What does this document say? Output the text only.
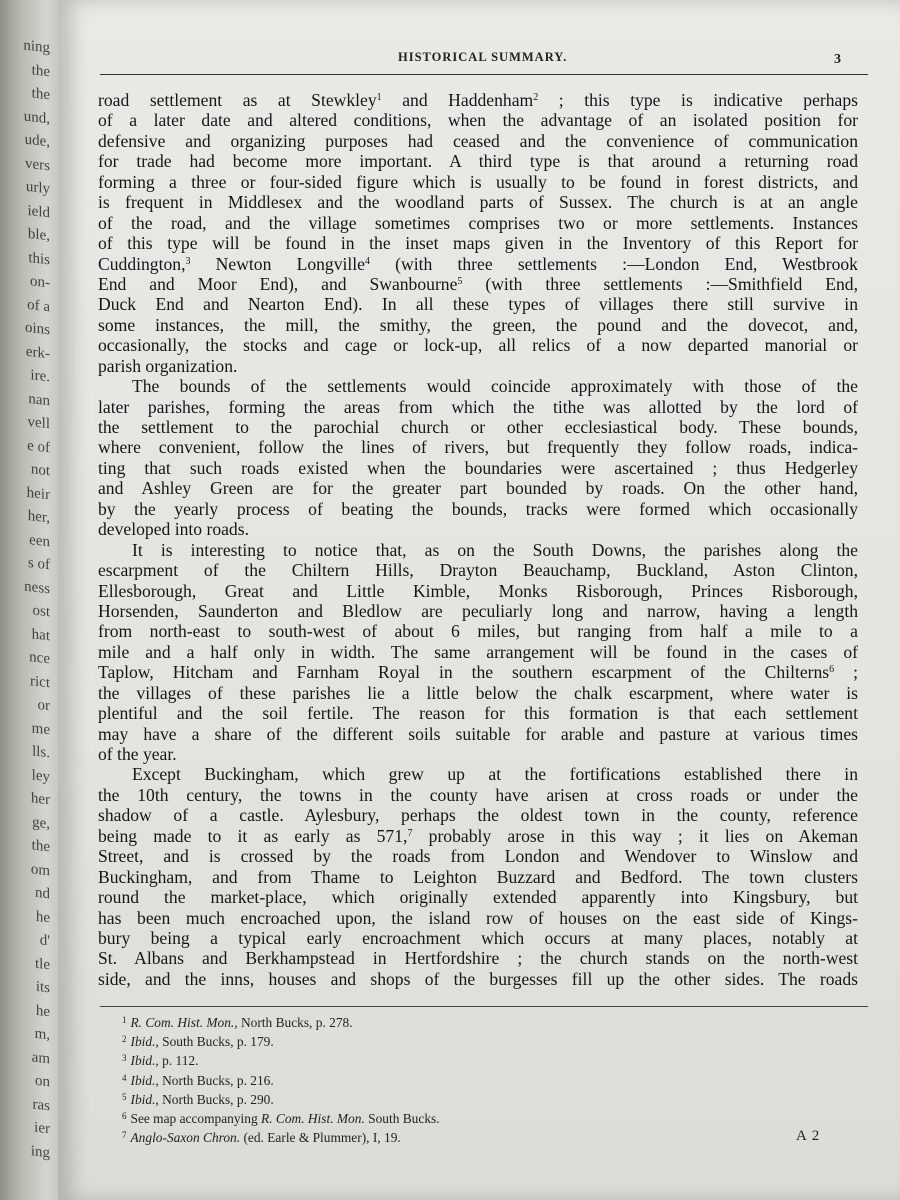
ning
the
the
und,
ude,
vers
urly
ield
ble,
this
on-
of a
oins
erk-
ire.
nan
vell
e of
not
heir
her,
een
s of
ness
ost
hat
nce
rict
or
me
lls.
ley
her
ge,
the
om
nd
he
d'
tle
its
he
m,
am
on
ras
ier
ing
HISTORICAL SUMMARY.	3
road settlement as at Stewkley$^1$ and Haddenham$^2$ ; this type is indicative perhaps
of a later date and altered conditions, when the advantage of an isolated position for
defensive and organizing purposes had ceased and the convenience of communication
for trade had become more important. A third type is that around a returning road
forming a three or four-sided figure which is usually to be found in forest districts, and
is frequent in Middlesex and the woodland parts of Sussex. The church is at an angle
of the road, and the village sometimes comprises two or more settlements. Instances
of this type will be found in the inset maps given in the Inventory of this Report for
Cuddington,$^3$ Newton Longville$^4$ (with three settlements :—London End, Westbrook
End and Moor End), and Swanbourne$^5$ (with three settlements :—Smithfield End,
Duck End and Nearton End). In all these types of villages there still survive in
some instances, the mill, the smithy, the green, the pound and the dovecot, and,
occasionally, the stocks and cage or lock-up, all relics of a now departed manorial or
parish organization.
The bounds of the settlements would coincide approximately with those of the
later parishes, forming the areas from which the tithe was allotted by the lord of
the settlement to the parochial church or other ecclesiastical body. These bounds,
where convenient, follow the lines of rivers, but frequently they follow roads, indica-
ting that such roads existed when the boundaries were ascertained ; thus Hedgerley
and Ashley Green are for the greater part bounded by roads. On the other hand,
by the yearly process of beating the bounds, tracks were formed which occasionally
developed into roads.
It is interesting to notice that, as on the South Downs, the parishes along the
escarpment of the Chiltern Hills, Drayton Beauchamp, Buckland, Aston Clinton,
Ellesborough, Great and Little Kimble, Monks Risborough, Princes Risborough,
Horsenden, Saunderton and Bledlow are peculiarly long and narrow, having a length
from north-east to south-west of about 6 miles, but ranging from half a mile to a
mile and a half only in width. The same arrangement will be found in the cases of
Taplow, Hitcham and Farnham Royal in the southern escarpment of the Chilterns$^6$ ;
the villages of these parishes lie a little below the chalk escarpment, where water is
plentiful and the soil fertile. The reason for this formation is that each settlement
may have a share of the different soils suitable for arable and pasture at various times
of the year.
Except Buckingham, which grew up at the fortifications established there in
the 10th century, the towns in the county have arisen at cross roads or under the
shadow of a castle. Aylesbury, perhaps the oldest town in the county, reference
being made to it as early as 571,$^7$ probably arose in this way ; it lies on Akeman
Street, and is crossed by the roads from London and Wendover to Winslow and
Buckingham, and from Thame to Leighton Buzzard and Bedford. The town clusters
round the market-place, which originally extended apparently into Kingsbury, but
has been much encroached upon, the island row of houses on the east side of Kings-
bury being a typical early encroachment which occurs at many places, notably at
St. Albans and Berkhampstead in Hertfordshire ; the church stands on the north-west
side, and the inns, houses and shops of the burgesses fill up the other sides. The roads
$^1$ R. Com. Hist. Mon., North Bucks, p. 278.
$^2$ Ibid., South Bucks, p. 179.
$^3$ Ibid., p. 112.
$^4$ Ibid., North Bucks, p. 216.
$^5$ Ibid., North Bucks, p. 290.
$^6$ See map accompanying R. Com. Hist. Mon. South Bucks.
$^7$ Anglo-Saxon Chron. (ed. Earle & Plummer), I, 19.	A 2
